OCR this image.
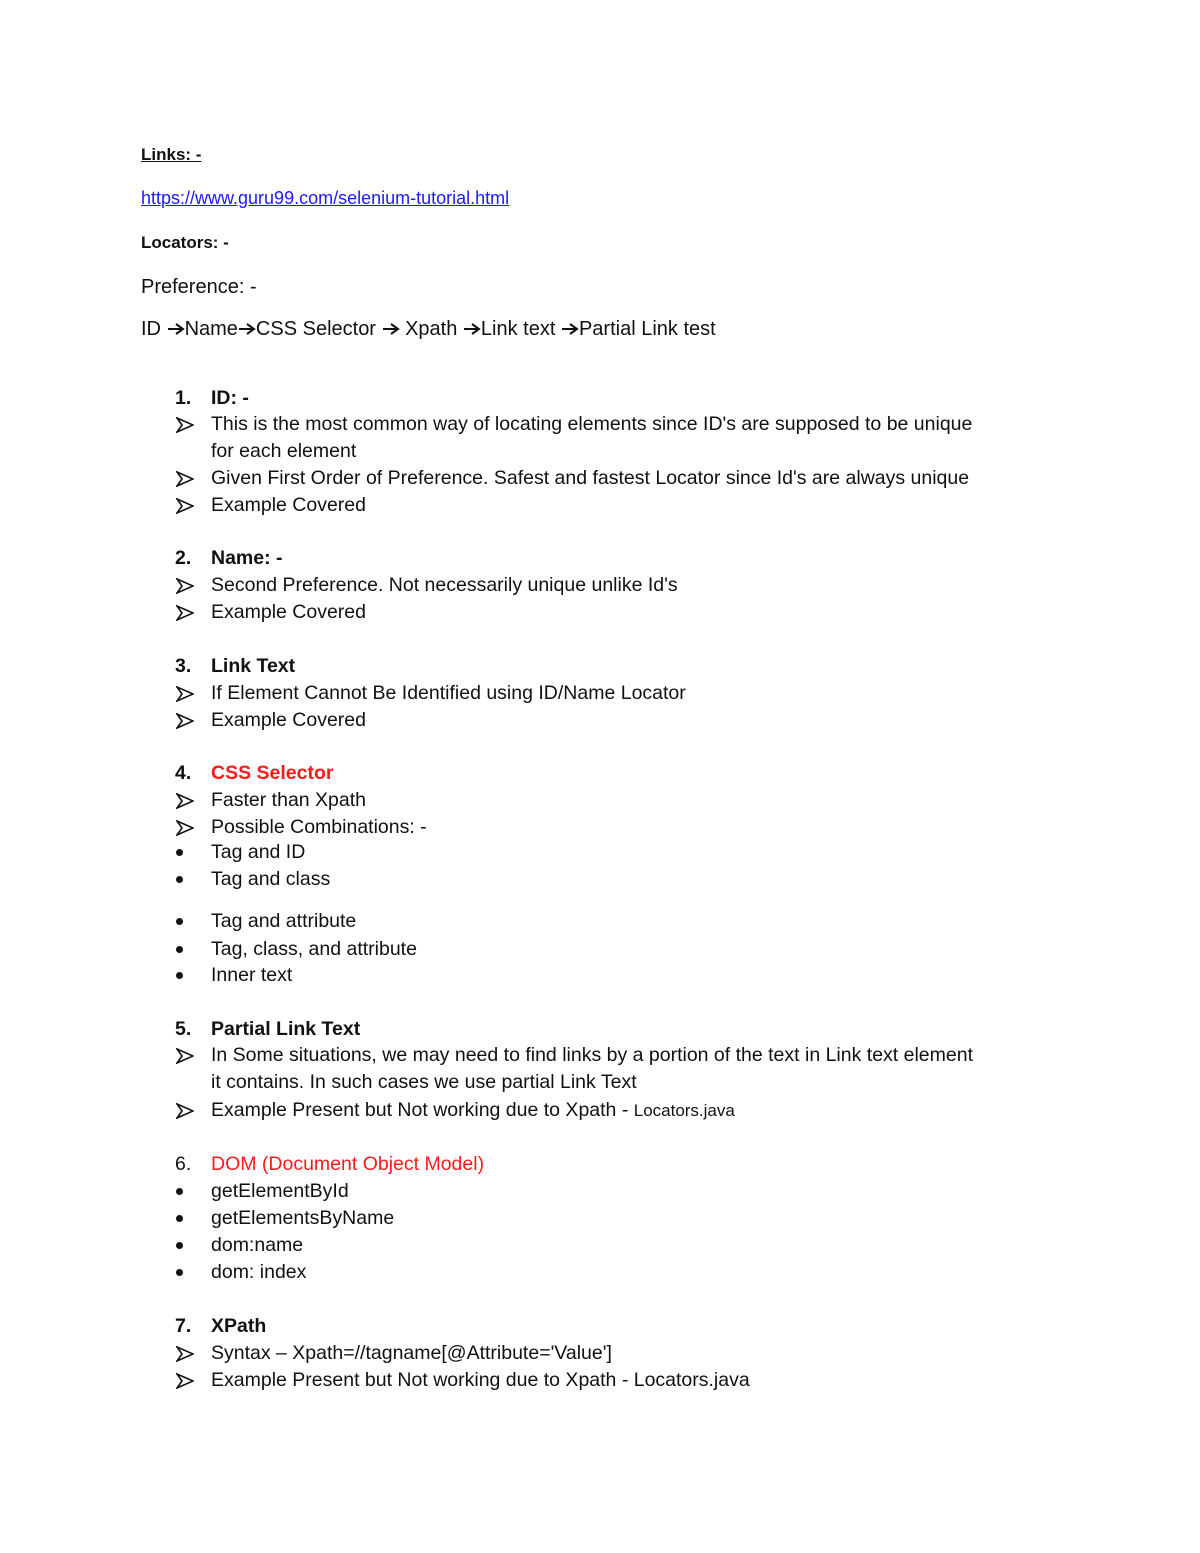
Links: -
https://www.guru99.com/selenium-tutorial.html
Locators: -
Preference: -
ID Name CSS Selector  Xpath Link text Partial Link test
1. ID: -
This is the most common way of locating elements since ID's are supposed to be unique
for each element
Given First Order of Preference. Safest and fastest Locator since Id's are always unique
Example Covered
2. Name: -
Second Preference. Not necessarily unique unlike Id's
Example Covered
3. Link Text
If Element Cannot Be Identified using ID/Name Locator
Example Covered
4. CSS Selector
Faster than Xpath
Possible Combinations: -
Tag and ID
Tag and class
Tag and attribute
Tag, class, and attribute
Inner text
5. Partial Link Text
In Some situations, we may need to find links by a portion of the text in Link text element
it contains. In such cases we use partial Link Text
Example Present but Not working due to Xpath - Locators.java
6. DOM (Document Object Model)
getElementById
getElementsByName
dom:name
dom: index
7. XPath
Syntax – Xpath=//tagname[@Attribute='Value']
Example Present but Not working due to Xpath - Locators.java
